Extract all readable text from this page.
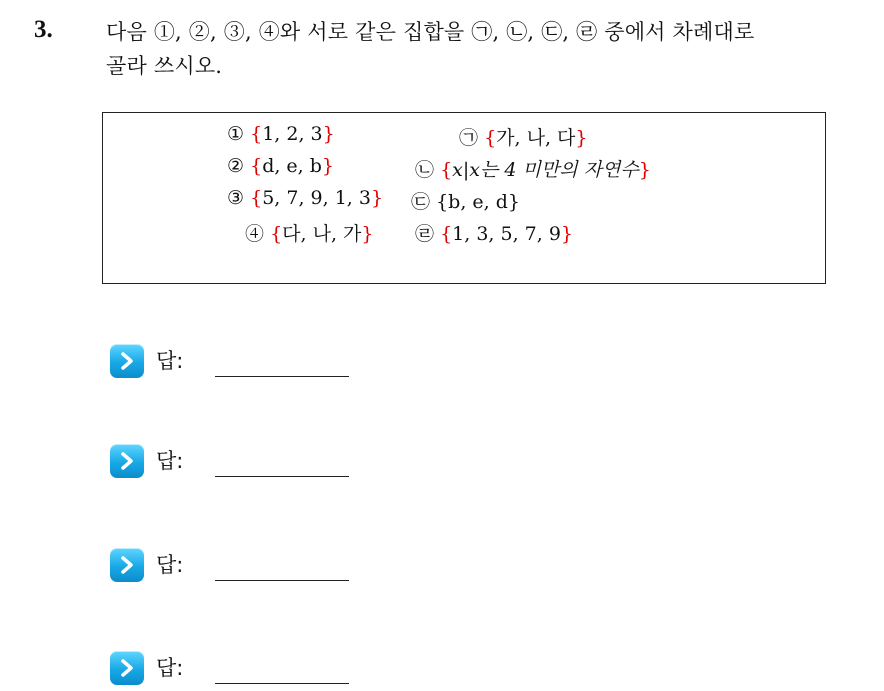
3.	다음 ①, ②, ③, ④와 서로 같은 집합을 ㉠, ㉡, ㉢, ㉣ 중에서 차례대로
골라 쓰시오.
① {1, 2, 3}	㉠ {가, 나, 다}
② {d, e, b}	㉡ {x|x는 4 미만의 자연수}
③ {5, 7, 9, 1, 3} ㉢ {b, e, d}
④ {다, 나, 가} ㉣ {1, 3, 5, 7, 9}
답:
답:
답:
답:
